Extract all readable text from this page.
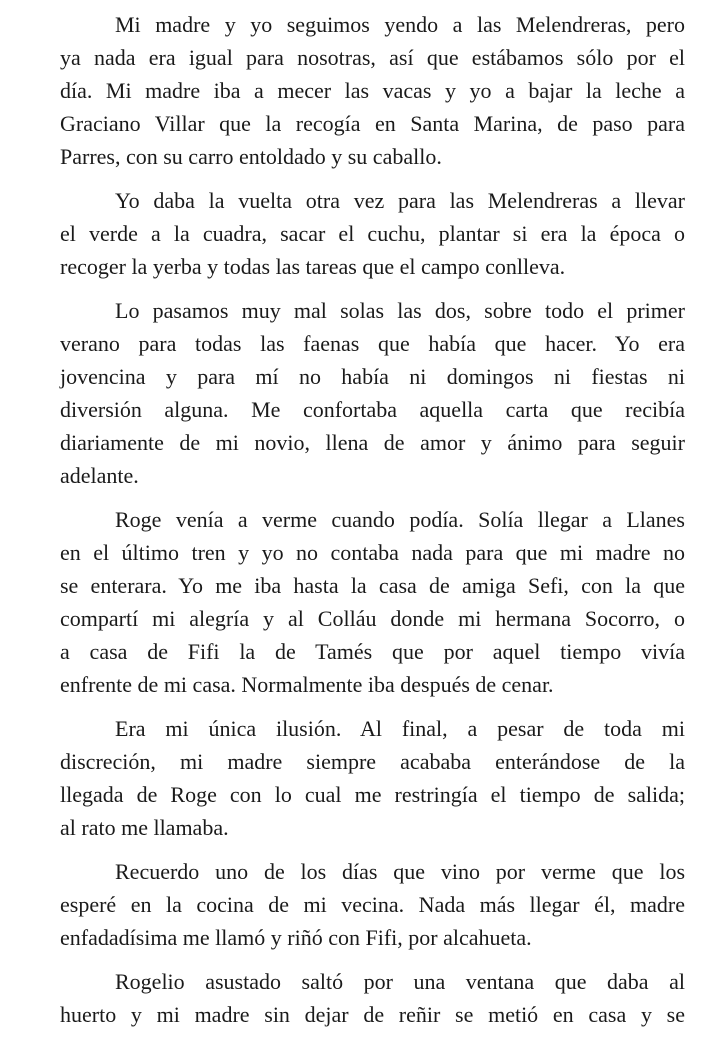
Mi madre y yo seguimos yendo a las Melendreras, pero
ya nada era igual para nosotras, así que estábamos sólo por el
día. Mi madre iba a mecer las vacas y yo a bajar la leche a
Graciano Villar que la recogía en Santa Marina, de paso para
Parres, con su carro entoldado y su caballo.
Yo daba la vuelta otra vez para las Melendreras a llevar
el verde a la cuadra, sacar el cuchu, plantar si era la época o
recoger la yerba y todas las tareas que el campo conlleva.
Lo pasamos muy mal solas las dos, sobre todo el primer
verano para todas las faenas que había que hacer. Yo era
jovencina y para mí no había ni domingos ni fiestas ni
diversión alguna. Me confortaba aquella carta que recibía
diariamente de mi novio, llena de amor y ánimo para seguir
adelante.
Roge venía a verme cuando podía. Solía llegar a Llanes
en el último tren y yo no contaba nada para que mi madre no
se enterara. Yo me iba hasta la casa de amiga Sefi, con la que
compartí mi alegría y al Colláu donde mi hermana Socorro, o
a casa de Fifi la de Tamés que por aquel tiempo vivía
enfrente de mi casa. Normalmente iba después de cenar.
Era mi única ilusión. Al final, a pesar de toda mi
discreción, mi madre siempre acababa enterándose de la
llegada de Roge con lo cual me restringía el tiempo de salida;
al rato me llamaba.
Recuerdo uno de los días que vino por verme que los
esperé en la cocina de mi vecina. Nada más llegar él, madre
enfadadísima me llamó y riñó con Fifi, por alcahueta.
Rogelio asustado saltó por una ventana que daba al
huerto y mi madre sin dejar de reñir se metió en casa y se
